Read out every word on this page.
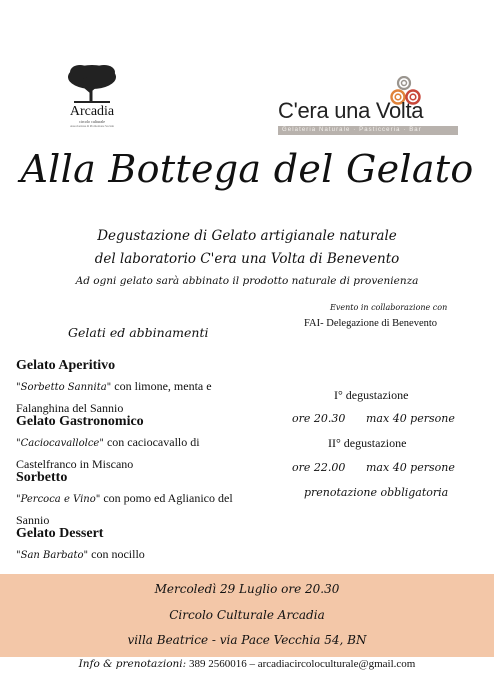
Arcadia
circolo culturale
Associazione di Promozione Sociale
C'era una Volta
Gelateria Naturale · Pasticceria · Bar
Alla Bottega del Gelato
Degustazione di Gelato artigianale naturale
del laboratorio C'era una Volta di Benevento
Ad ogni gelato sarà abbinato il prodotto naturale di provenienza
Evento in collaborazione con
FAI- Delegazione di Benevento
Gelati ed abbinamenti
Gelato Aperitivo
"Sorbetto Sannita" con limone, menta e
Falanghina del Sannio
Gelato Gastronomico
"Caciocavallolce" con caciocavallo di
Castelfranco in Miscano
Sorbetto
"Percoca e Vino" con pomo ed Aglianico del
Sannio
Gelato Dessert
"San Barbato" con nocillo
I° degustazione
ore 20.30 max 40 persone
II° degustazione
ore 22.00 max 40 persone
prenotazione obbligatoria
Mercoledì 29 Luglio ore 20.30
Circolo Culturale Arcadia
villa Beatrice - via Pace Vecchia 54, BN
Info & prenotazioni: 389 2560016 – arcadiacircoloculturale@gmail.com
